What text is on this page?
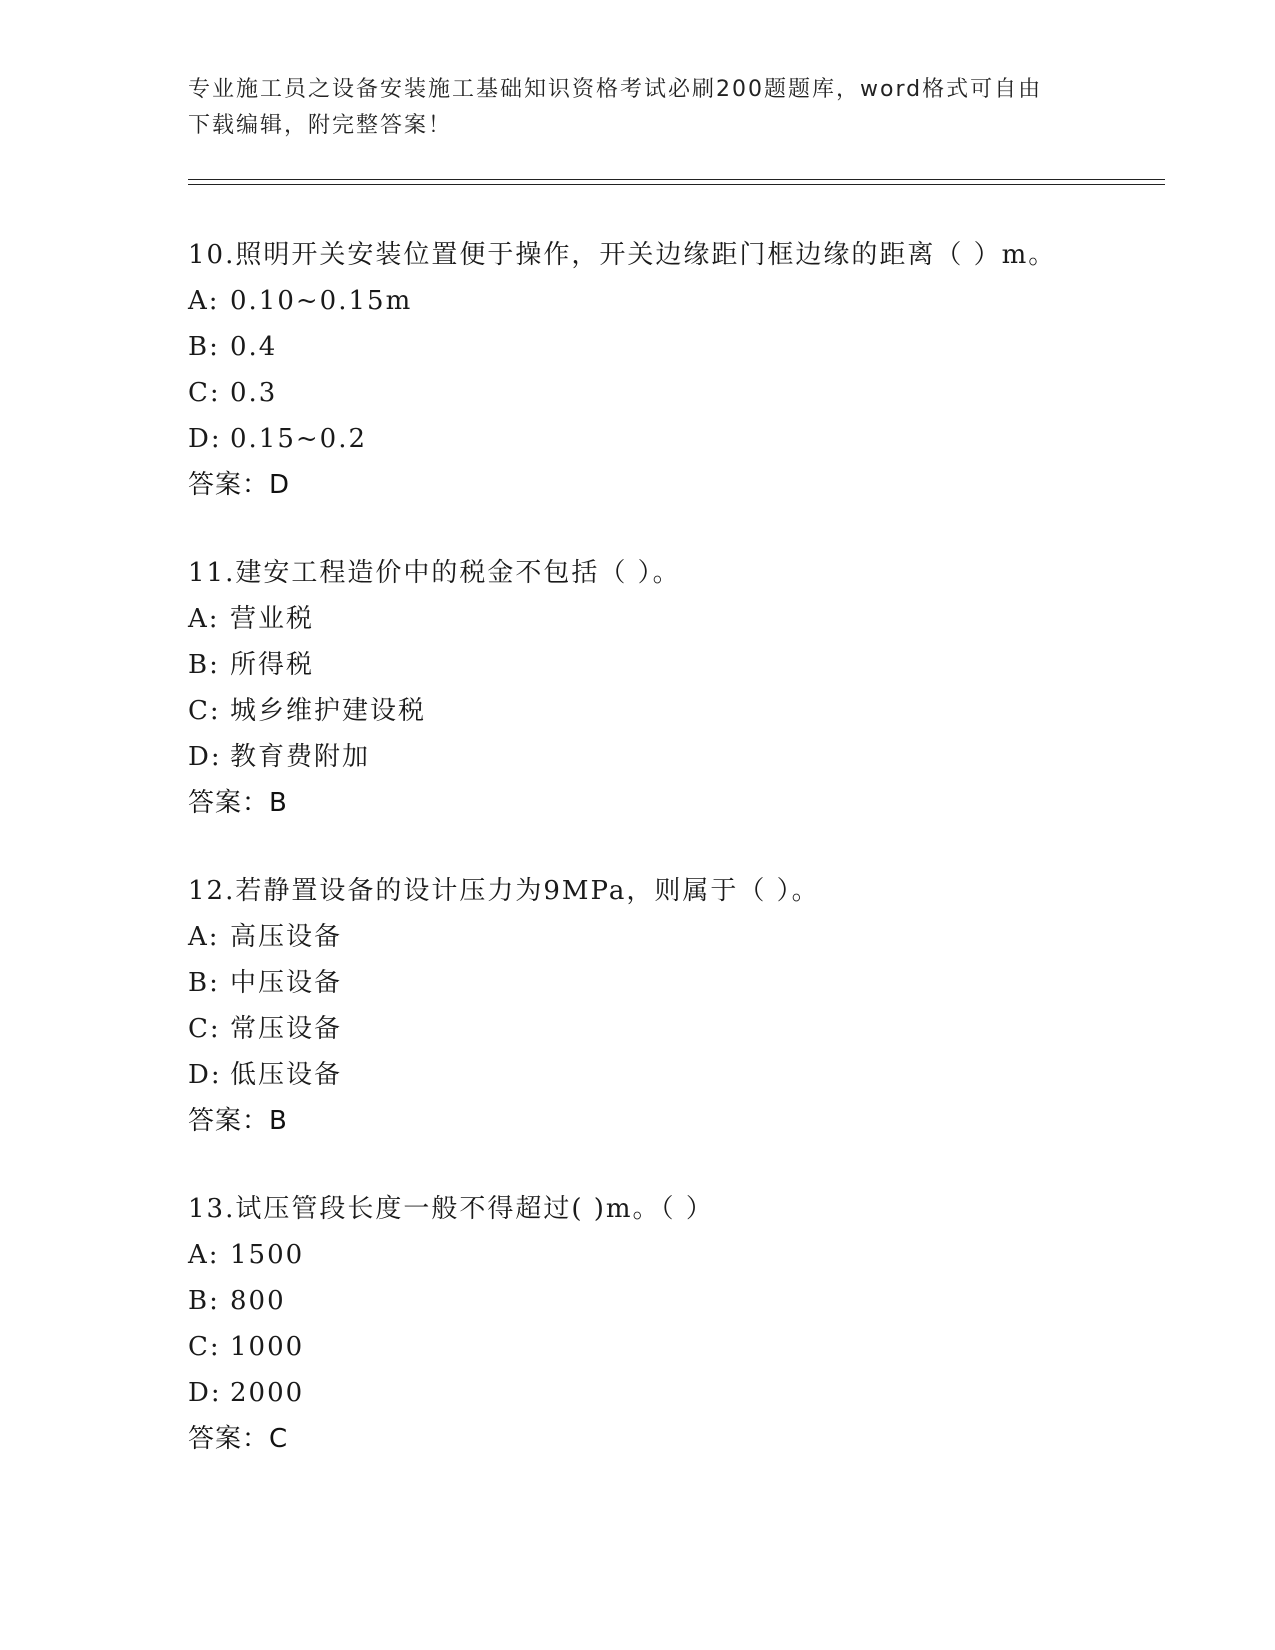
专业施工员之设备安装施工基础知识资格考试必刷200题题库，word格式可自由
下载编辑，附完整答案！
10.照明开关安装位置便于操作，开关边缘距门框边缘的距离（ ）m。
A: 0.10~0.15m
B: 0.4
C: 0.3
D: 0.15~0.2
答案：D
11.建安工程造价中的税金不包括（ ）。
A: 营业税
B: 所得税
C: 城乡维护建设税
D: 教育费附加
答案：B
12.若静置设备的设计压力为9MPa，则属于（ ）。
A: 高压设备
B: 中压设备
C: 常压设备
D: 低压设备
答案：B
13.试压管段长度一般不得超过( )m。（ ）
A: 1500
B: 800
C: 1000
D: 2000
答案：C
